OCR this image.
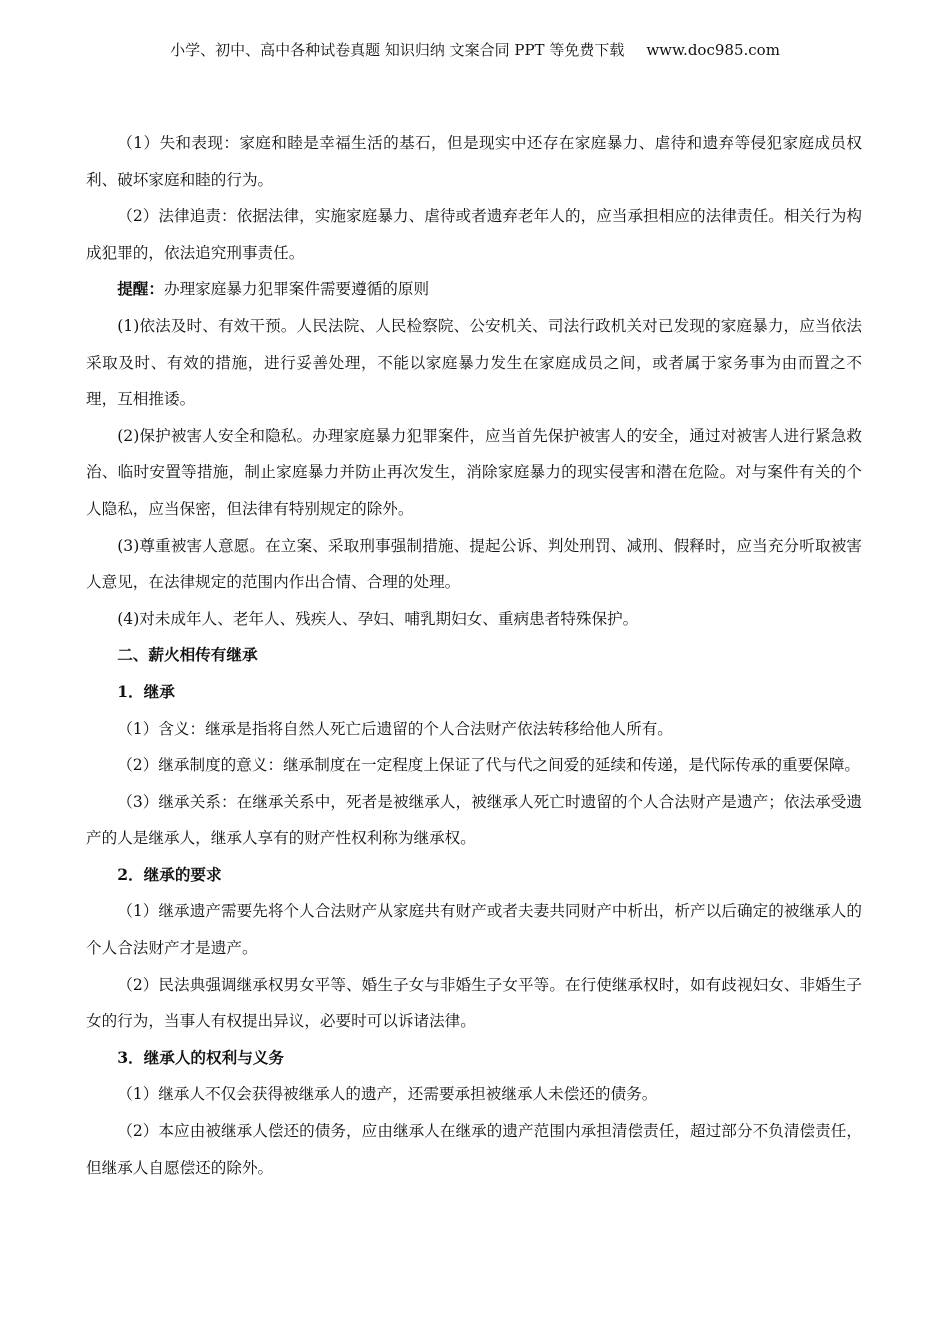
小学、初中、高中各种试卷真题 知识归纳 文案合同 PPT 等免费下载 www.doc985.com

（1）失和表现：家庭和睦是幸福生活的基石，但是现实中还存在家庭暴力、虐待和遗弃等侵犯家庭成员权利、破坏家庭和睦的行为。

（2）法律追责：依据法律，实施家庭暴力、虐待或者遗弃老年人的，应当承担相应的法律责任。相关行为构成犯罪的，依法追究刑事责任。

提醒：办理家庭暴力犯罪案件需要遵循的原则

(1)依法及时、有效干预。人民法院、人民检察院、公安机关、司法行政机关对已发现的家庭暴力，应当依法采取及时、有效的措施，进行妥善处理，不能以家庭暴力发生在家庭成员之间，或者属于家务事为由而置之不理，互相推诿。

(2)保护被害人安全和隐私。办理家庭暴力犯罪案件，应当首先保护被害人的安全，通过对被害人进行紧急救治、临时安置等措施，制止家庭暴力并防止再次发生，消除家庭暴力的现实侵害和潜在危险。对与案件有关的个人隐私，应当保密，但法律有特别规定的除外。

(3)尊重被害人意愿。在立案、采取刑事强制措施、提起公诉、判处刑罚、减刑、假释时，应当充分听取被害人意见，在法律规定的范围内作出合情、合理的处理。

(4)对未成年人、老年人、残疾人、孕妇、哺乳期妇女、重病患者特殊保护。

二、薪火相传有继承

1．继承

（1）含义：继承是指将自然人死亡后遗留的个人合法财产依法转移给他人所有。

（2）继承制度的意义：继承制度在一定程度上保证了代与代之间爱的延续和传递，是代际传承的重要保障。

（3）继承关系：在继承关系中，死者是被继承人，被继承人死亡时遗留的个人合法财产是遗产；依法承受遗产的人是继承人，继承人享有的财产性权利称为继承权。

2．继承的要求

（1）继承遗产需要先将个人合法财产从家庭共有财产或者夫妻共同财产中析出，析产以后确定的被继承人的个人合法财产才是遗产。

（2）民法典强调继承权男女平等、婚生子女与非婚生子女平等。在行使继承权时，如有歧视妇女、非婚生子女的行为，当事人有权提出异议，必要时可以诉诸法律。

3．继承人的权利与义务

（1）继承人不仅会获得被继承人的遗产，还需要承担被继承人未偿还的债务。

（2）本应由被继承人偿还的债务，应由继承人在继承的遗产范围内承担清偿责任，超过部分不负清偿责任，但继承人自愿偿还的除外。
